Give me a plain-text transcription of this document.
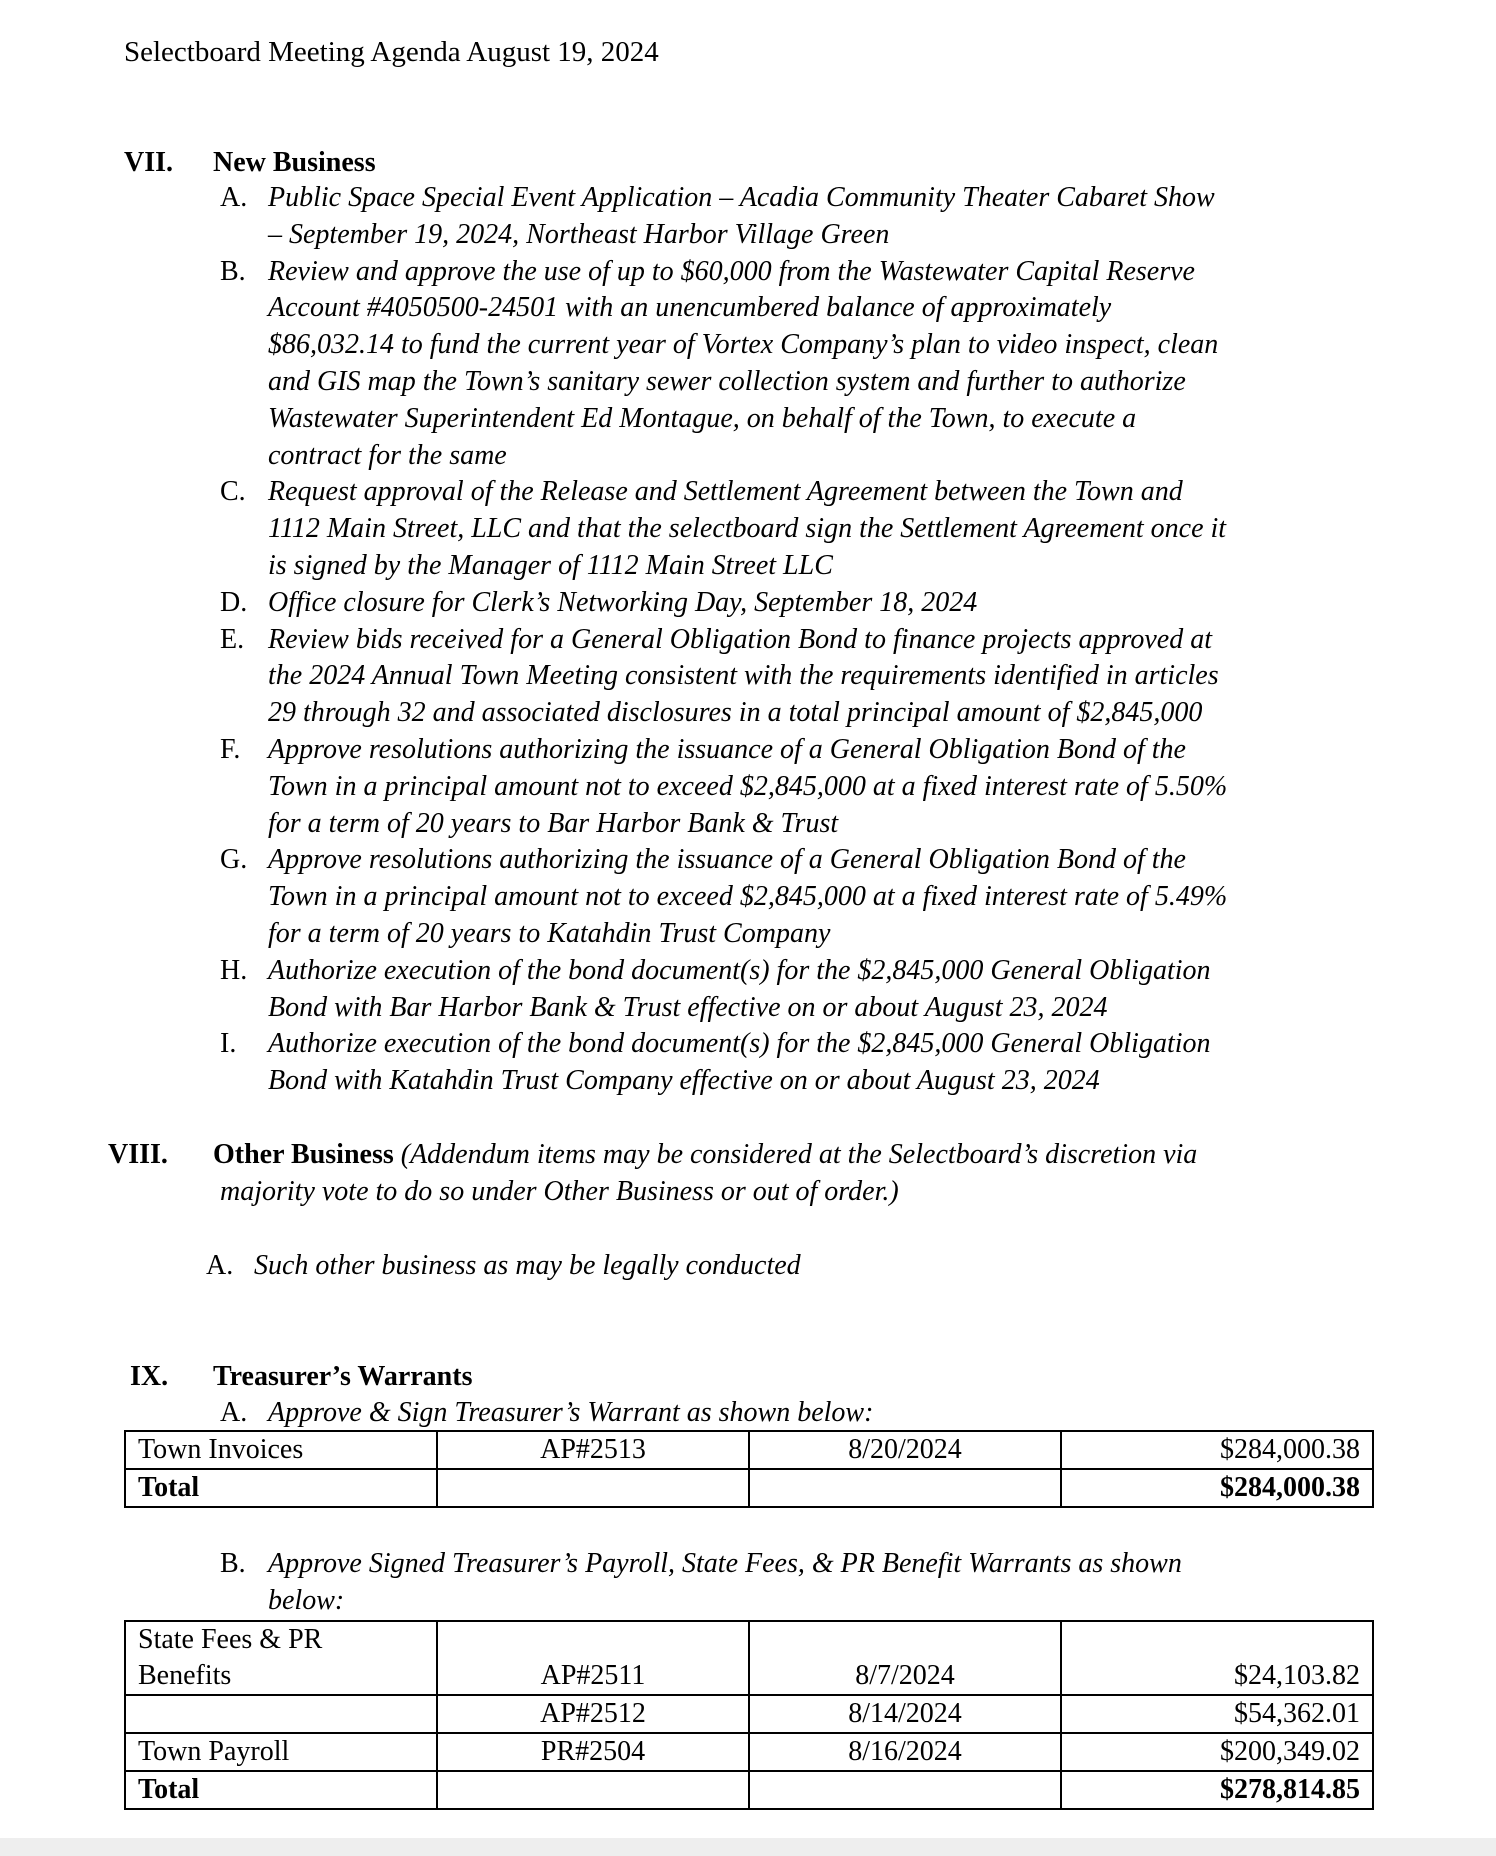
Selectboard Meeting Agenda August 19, 2024
VII. New Business
A. Public Space Special Event Application – Acadia Community Theater Cabaret Show
– September 19, 2024, Northeast Harbor Village Green
B. Review and approve the use of up to $60,000 from the Wastewater Capital Reserve
Account #4050500-24501 with an unencumbered balance of approximately
$86,032.14 to fund the current year of Vortex Company’s plan to video inspect, clean
and GIS map the Town’s sanitary sewer collection system and further to authorize
Wastewater Superintendent Ed Montague, on behalf of the Town, to execute a
contract for the same
C. Request approval of the Release and Settlement Agreement between the Town and
1112 Main Street, LLC and that the selectboard sign the Settlement Agreement once it
is signed by the Manager of 1112 Main Street LLC
D. Office closure for Clerk’s Networking Day, September 18, 2024
E. Review bids received for a General Obligation Bond to finance projects approved at
the 2024 Annual Town Meeting consistent with the requirements identified in articles
29 through 32 and associated disclosures in a total principal amount of $2,845,000
F. Approve resolutions authorizing the issuance of a General Obligation Bond of the
Town in a principal amount not to exceed $2,845,000 at a fixed interest rate of 5.50%
for a term of 20 years to Bar Harbor Bank & Trust
G. Approve resolutions authorizing the issuance of a General Obligation Bond of the
Town in a principal amount not to exceed $2,845,000 at a fixed interest rate of 5.49%
for a term of 20 years to Katahdin Trust Company
H. Authorize execution of the bond document(s) for the $2,845,000 General Obligation
Bond with Bar Harbor Bank & Trust effective on or about August 23, 2024
I. Authorize execution of the bond document(s) for the $2,845,000 General Obligation
Bond with Katahdin Trust Company effective on or about August 23, 2024
VIII. Other Business (Addendum items may be considered at the Selectboard’s discretion via
majority vote to do so under Other Business or out of order.)
A. Such other business as may be legally conducted
IX. Treasurer’s Warrants
A. Approve & Sign Treasurer’s Warrant as shown below:
Town Invoices	AP#2513	8/20/2024	$284,000.38
Total			$284,000.38
B. Approve Signed Treasurer’s Payroll, State Fees, & PR Benefit Warrants as shown
below:
State Fees & PR
Benefits	AP#2511	8/7/2024	$24,103.82
	AP#2512	8/14/2024	$54,362.01
Town Payroll	PR#2504	8/16/2024	$200,349.02
Total			$278,814.85
